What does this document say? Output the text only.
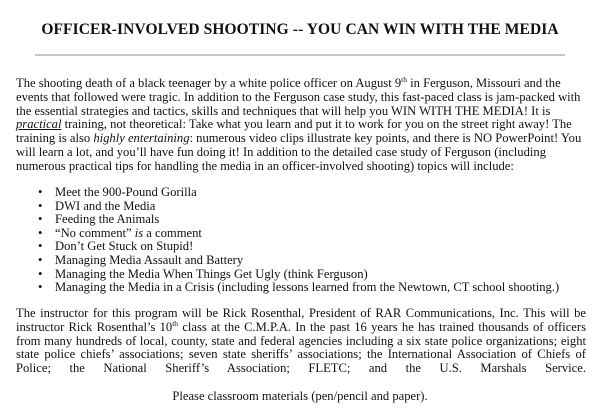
OFFICER-INVOLVED SHOOTING -- YOU CAN WIN WITH THE MEDIA
The shooting death of a black teenager by a white police officer on August 9th in Ferguson, Missouri and the events that followed were tragic. In addition to the Ferguson case study, this fast-paced class is jam-packed with the essential strategies and tactics, skills and techniques that will help you WIN WITH THE MEDIA! It is practical training, not theoretical: Take what you learn and put it to work for you on the street right away! The training is also highly entertaining: numerous video clips illustrate key points, and there is NO PowerPoint! You will learn a lot, and you’ll have fun doing it! In addition to the detailed case study of Ferguson (including numerous practical tips for handling the media in an officer-involved shooting) topics will include:
• Meet the 900-Pound Gorilla
• DWI and the Media
• Feeding the Animals
• “No comment” is a comment
• Don’t Get Stuck on Stupid!
• Managing Media Assault and Battery
• Managing the Media When Things Get Ugly (think Ferguson)
• Managing the Media in a Crisis (including lessons learned from the Newtown, CT school shooting.)
The instructor for this program will be Rick Rosenthal, President of RAR Communications, Inc. This will be instructor Rick Rosenthal’s 10th class at the C.M.P.A. In the past 16 years he has trained thousands of officers from many hundreds of local, county, state and federal agencies including a six state police organizations; eight state police chiefs’ associations; seven state sheriffs’ associations; the International Association of Chiefs of Police; the National Sheriff’s Association; FLETC; and the U.S. Marshals Service.
Please classroom materials (pen/pencil and paper).
